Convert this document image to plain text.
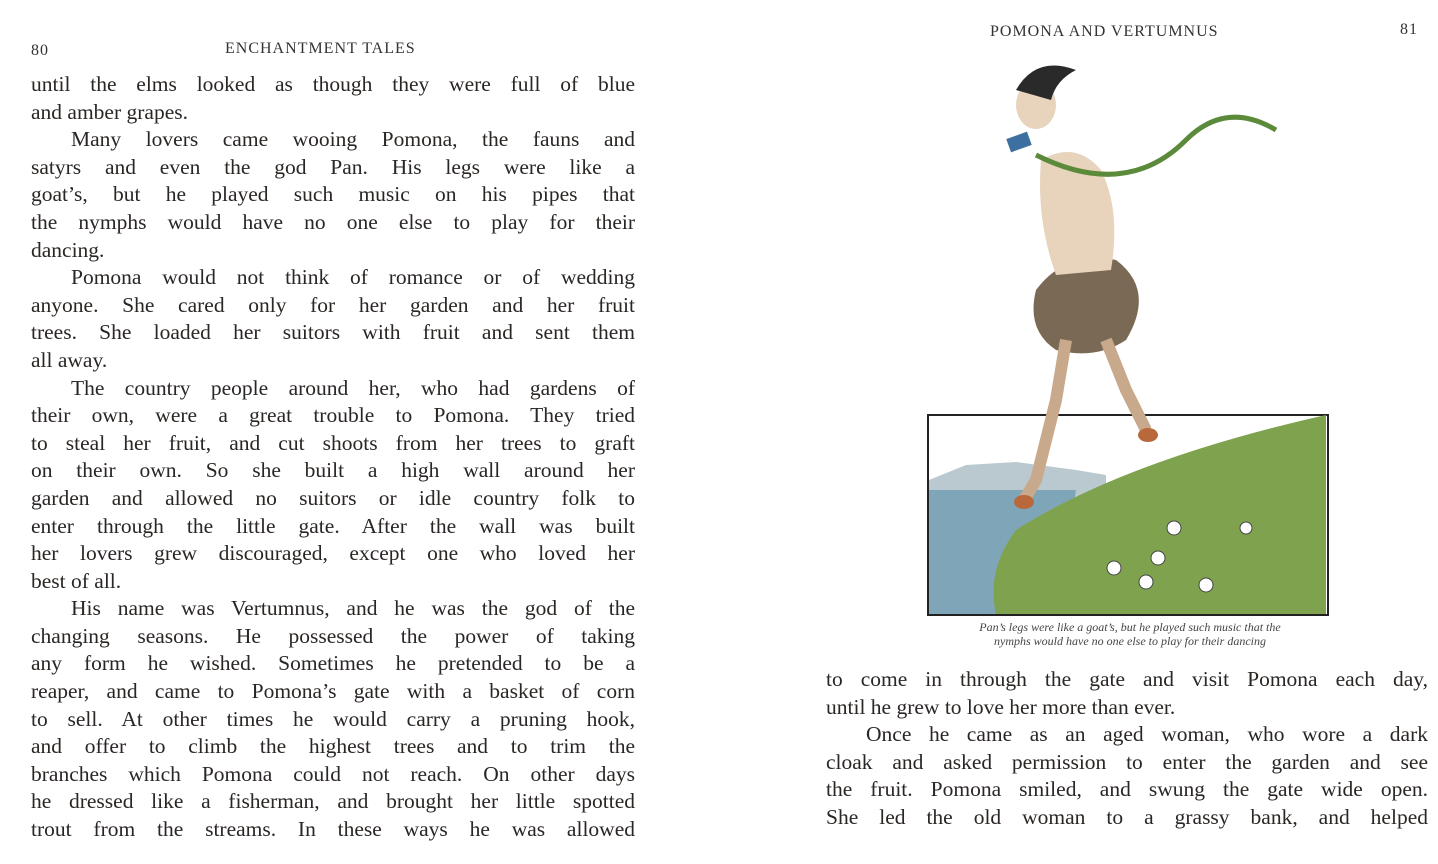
80	ENCHANTMENT TALES
until the elms looked as though they were full of blue
and amber grapes.
Many lovers came wooing Pomona, the fauns and
satyrs and even the god Pan. His legs were like a
goat’s, but he played such music on his pipes that
the nymphs would have no one else to play for their
dancing.
Pomona would not think of romance or of wedding
anyone. She cared only for her garden and her fruit
trees. She loaded her suitors with fruit and sent them
all away.
The country people around her, who had gardens of
their own, were a great trouble to Pomona. They tried
to steal her fruit, and cut shoots from her trees to graft
on their own. So she built a high wall around her
garden and allowed no suitors or idle country folk to
enter through the little gate. After the wall was built
her lovers grew discouraged, except one who loved her
best of all.
His name was Vertumnus, and he was the god of the
changing seasons. He possessed the power of taking
any form he wished. Sometimes he pretended to be a
reaper, and came to Pomona’s gate with a basket of corn
to sell. At other times he would carry a pruning hook,
and offer to climb the highest trees and to trim the
branches which Pomona could not reach. On other days
he dressed like a fisherman, and brought her little spotted
trout from the streams. In these ways he was allowed
POMONA AND VERTUMNUS	81
Pan’s legs were like a goat’s, but he played such music that the
nymphs would have no one else to play for their dancing
to come in through the gate and visit Pomona each day,
until he grew to love her more than ever.
Once he came as an aged woman, who wore a dark
cloak and asked permission to enter the garden and see
the fruit. Pomona smiled, and swung the gate wide open.
She led the old woman to a grassy bank, and helped
